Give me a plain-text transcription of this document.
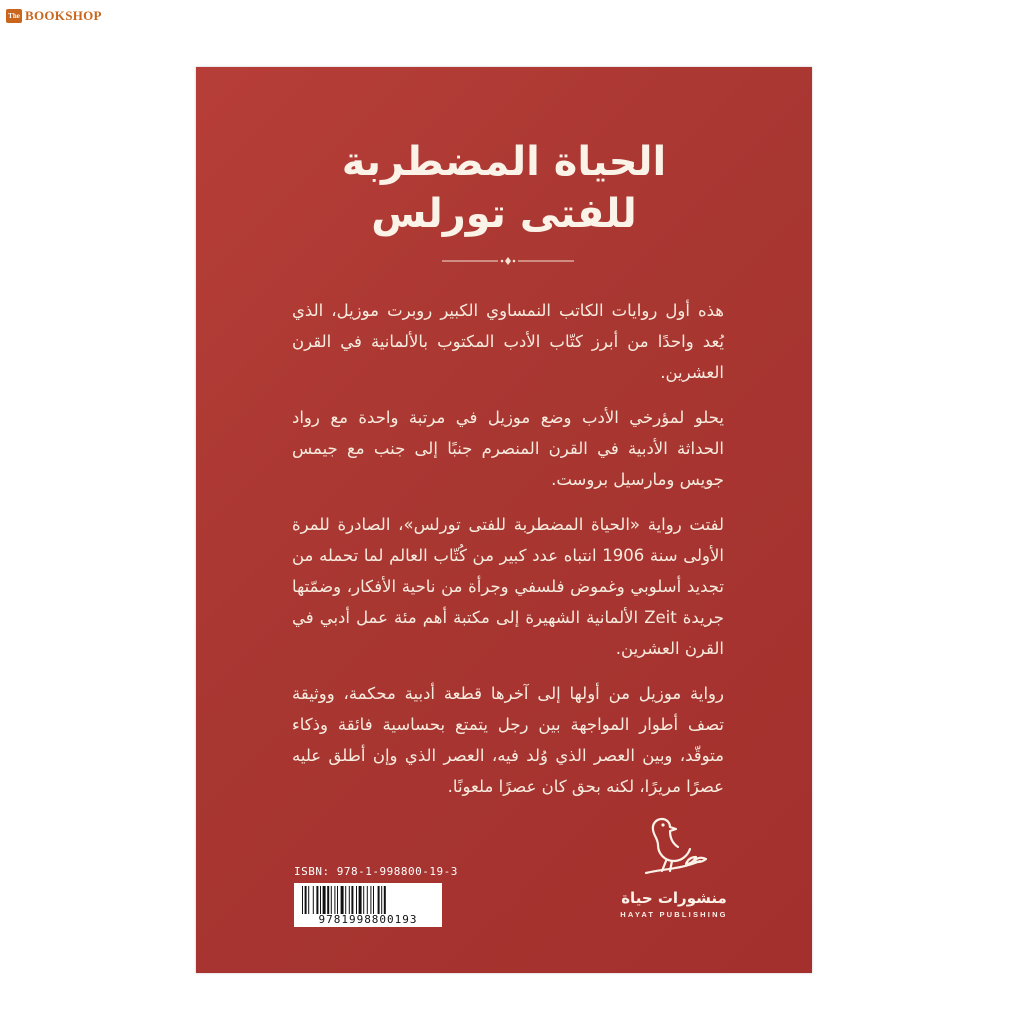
The BOOKSHOP
الحياة المضطربة
للفتى تورلس

هذه أول روايات الكاتب النمساوي الكبير روبرت موزيل، الذي يُعد واحدًا من أبرز كتّاب الأدب المكتوب بالألمانية في القرن العشرين.

يحلو لمؤرخي الأدب وضع موزيل في مرتبة واحدة مع رواد الحداثة الأدبية في القرن المنصرم جنبًا إلى جنب مع جيمس جويس ومارسيل بروست.

لفتت رواية «الحياة المضطربة للفتى تورلس»، الصادرة للمرة الأولى سنة 1906 انتباه عدد كبير من كُتّاب العالم لما تحمله من تجديد أسلوبي وغموض فلسفي وجرأة من ناحية الأفكار، وضمّتها جريدة Zeit الألمانية الشهيرة إلى مكتبة أهم مئة عمل أدبي في القرن العشرين.

رواية موزيل من أولها إلى آخرها قطعة أدبية محكمة، ووثيقة تصف أطوار المواجهة بين رجل يتمتع بحساسية فائقة وذكاء متوقّد، وبين العصر الذي وُلد فيه، العصر الذي وإن أطلق عليه عصرًا مريرًا، لكنه بحق كان عصرًا ملعونًا.

ISBN: 978-1-998800-19-3
9781998800193
منشورات حياة
HAYAT PUBLISHING
